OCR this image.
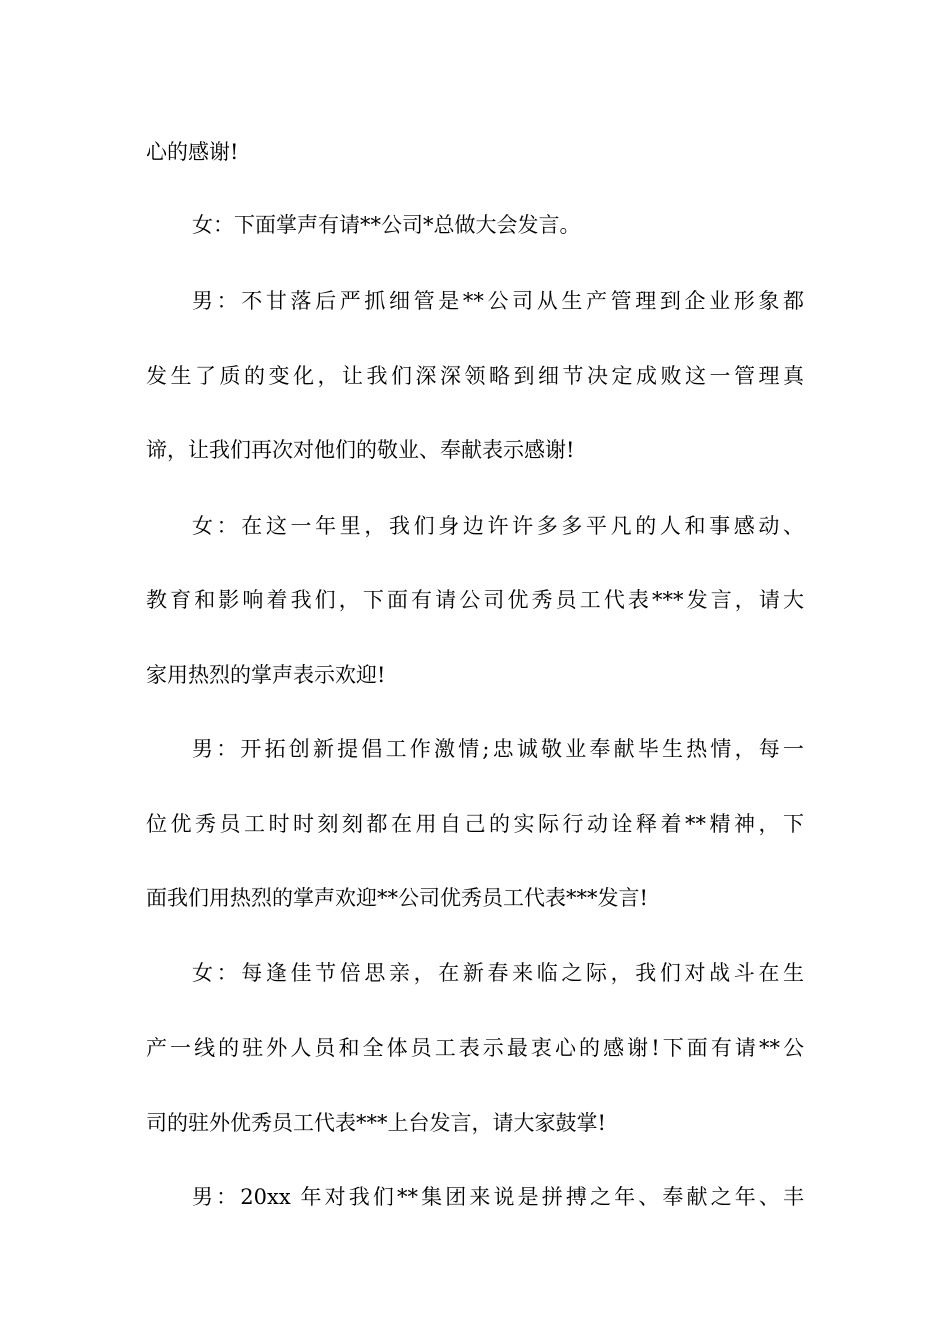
心的感谢!
女：下面掌声有请**公司*总做大会发言。
男：不甘落后严抓细管是**公司从生产管理到企业形象都
发生了质的变化，让我们深深领略到细节决定成败这一管理真
谛，让我们再次对他们的敬业、奉献表示感谢!
女：在这一年里，我们身边许许多多平凡的人和事感动、
教育和影响着我们，下面有请公司优秀员工代表***发言，请大
家用热烈的掌声表示欢迎!
男：开拓创新提倡工作激情;忠诚敬业奉献毕生热情，每一
位优秀员工时时刻刻都在用自己的实际行动诠释着**精神，下
面我们用热烈的掌声欢迎**公司优秀员工代表***发言!
女：每逢佳节倍思亲，在新春来临之际，我们对战斗在生
产一线的驻外人员和全体员工表示最衷心的感谢!下面有请**公
司的驻外优秀员工代表***上台发言，请大家鼓掌!
男：20xx 年对我们**集团来说是拼搏之年、奉献之年、丰
